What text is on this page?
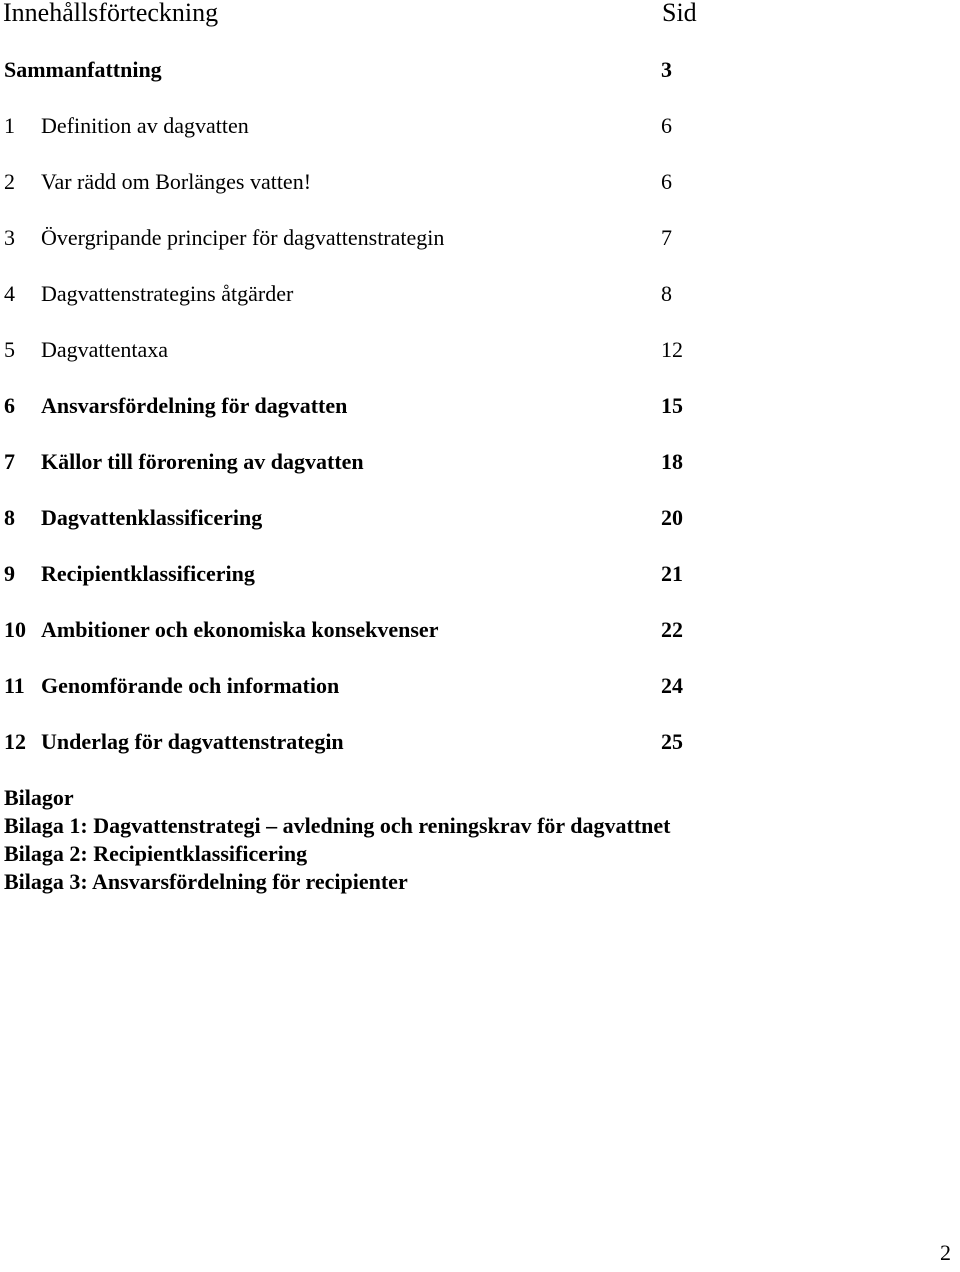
Innehållsförteckning	Sid
Sammanfattning	3
1 Definition av dagvatten	6
2 Var rädd om Borlänges vatten!	6
3 Övergripande principer för dagvattenstrategin	7
4 Dagvattenstrategins åtgärder	8
5 Dagvattentaxa	12
6 Ansvarsfördelning för dagvatten	15
7 Källor till förorening av dagvatten	18
8 Dagvattenklassificering	20
9 Recipientklassificering	21
10 Ambitioner och ekonomiska konsekvenser	22
11 Genomförande och information	24
12 Underlag för dagvattenstrategin	25
Bilagor
Bilaga 1: Dagvattenstrategi – avledning och reningskrav för dagvattnet
Bilaga 2: Recipientklassificering
Bilaga 3: Ansvarsfördelning för recipienter
2
